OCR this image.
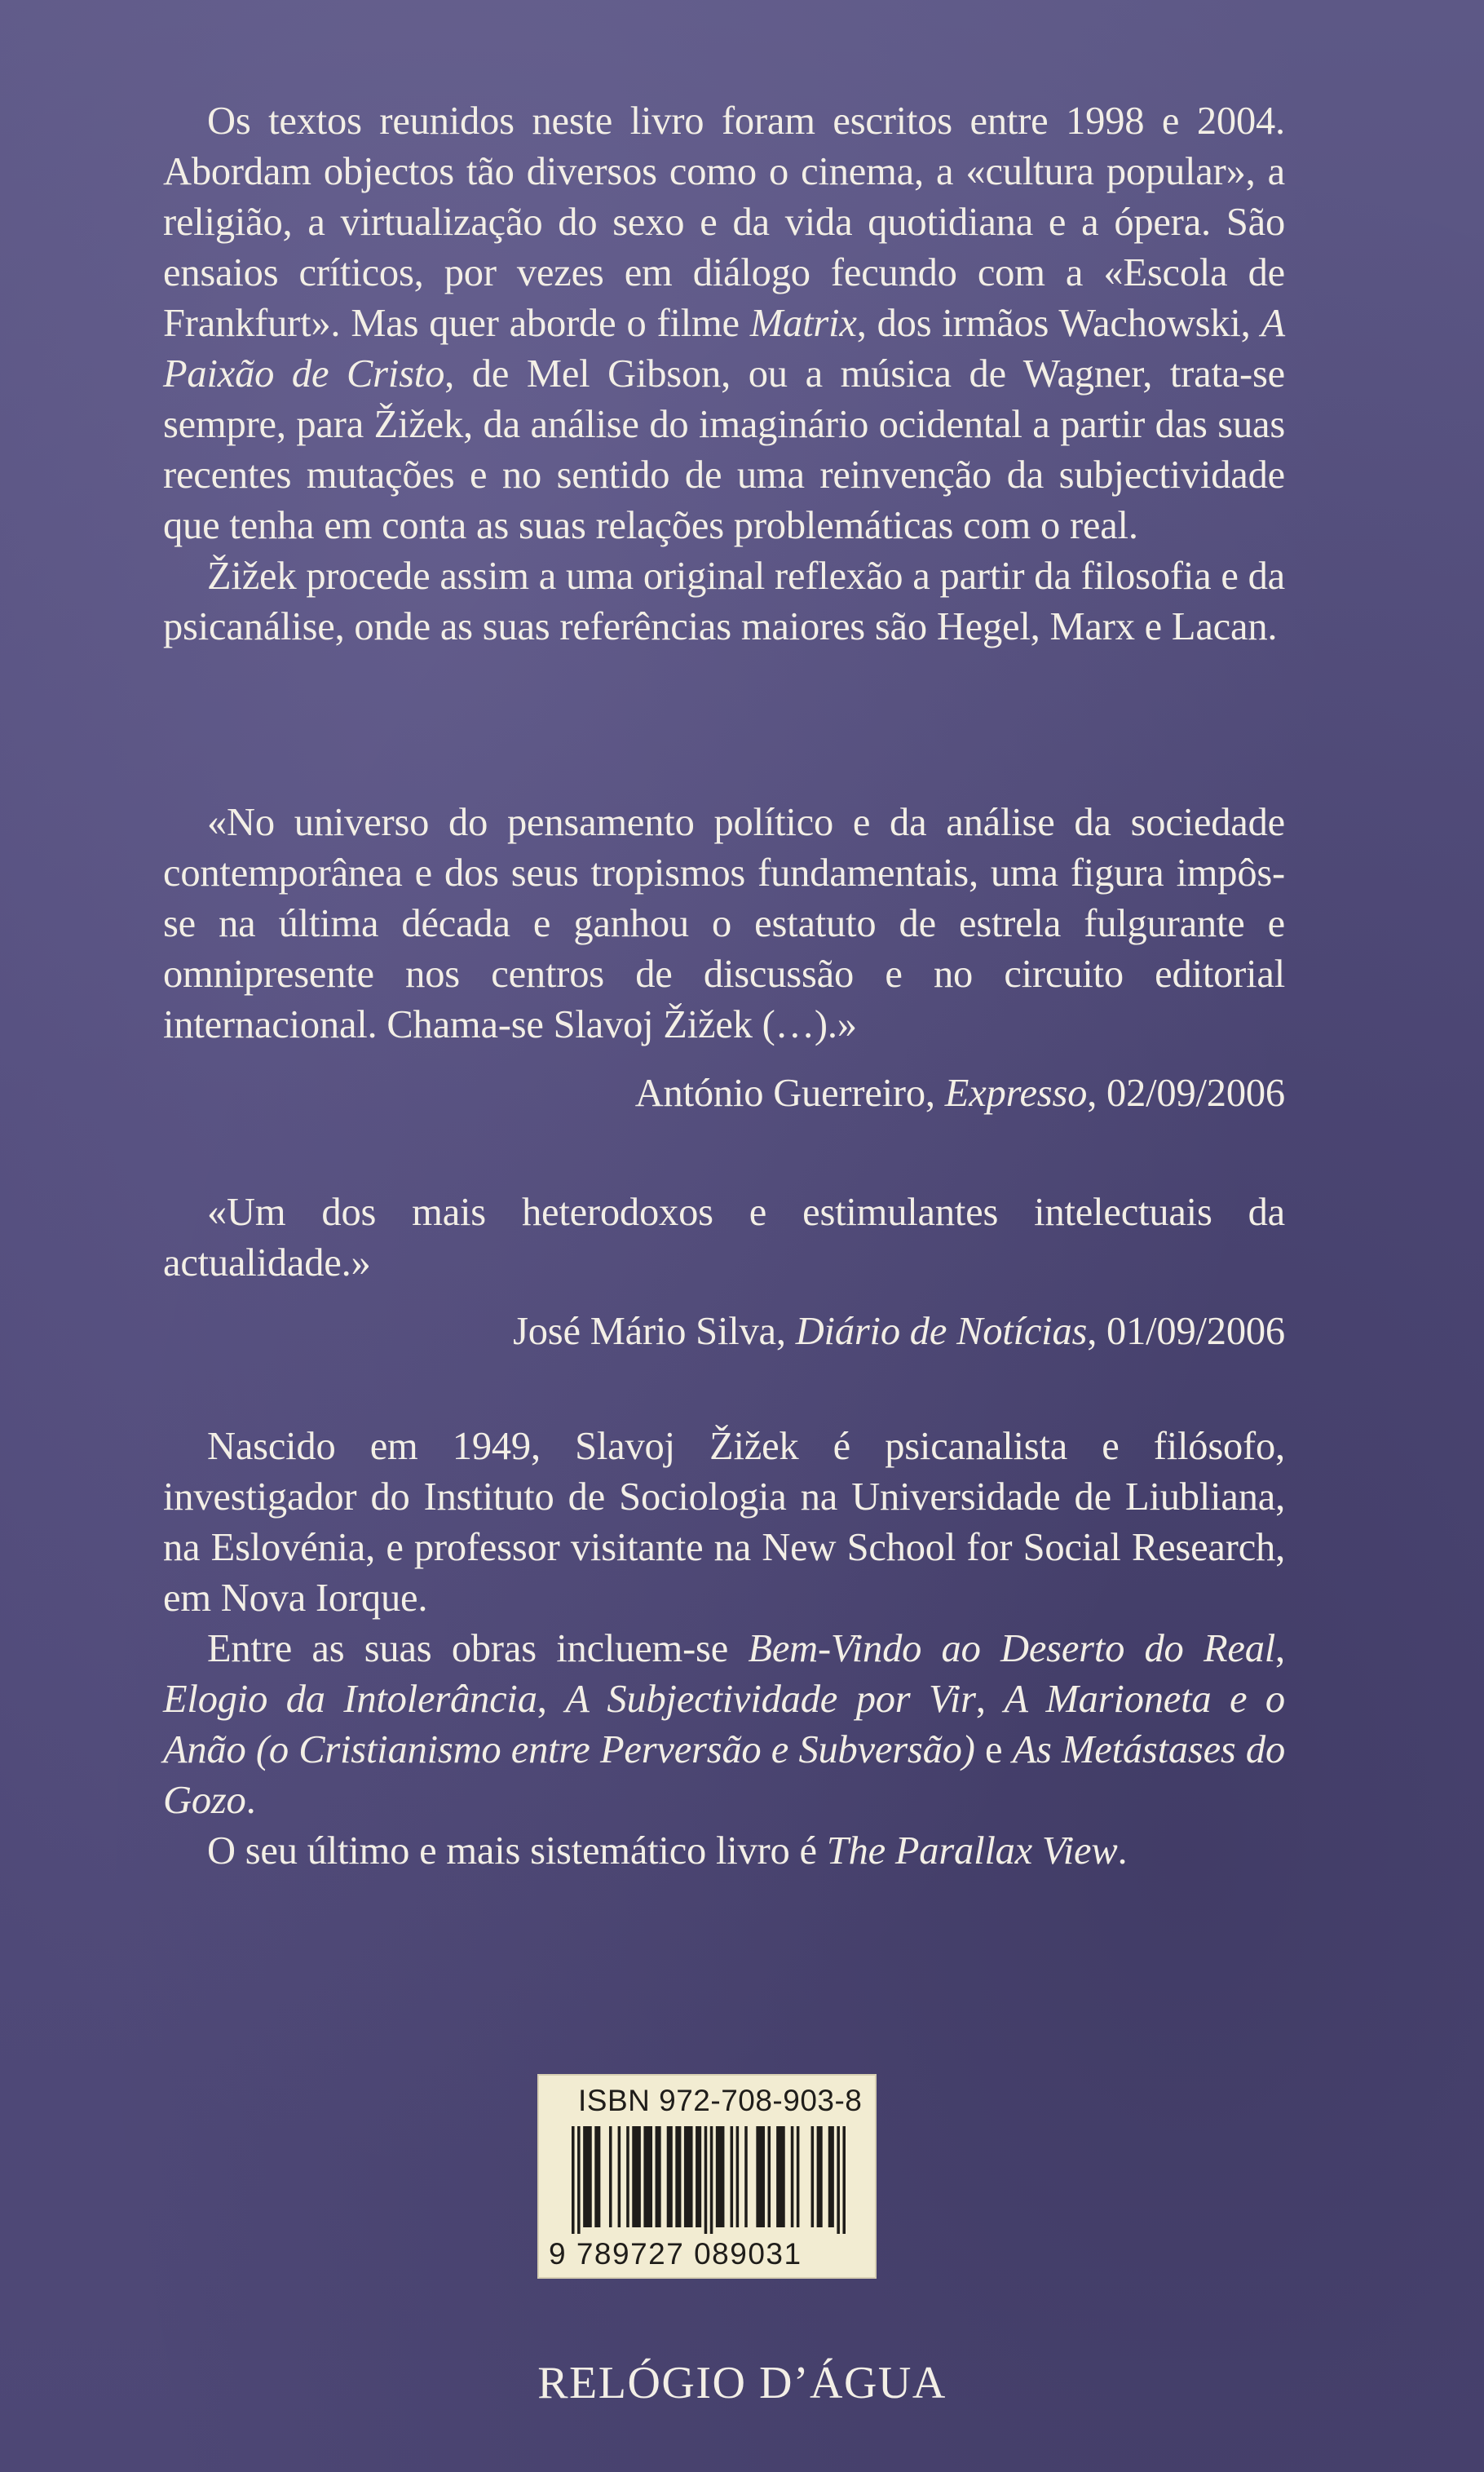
Os textos reunidos neste livro foram escritos entre 1998 e 2004. Abordam objectos tão diversos como o cinema, a «cultura popular», a religião, a virtualização do sexo e da vida quotidiana e a ópera. São ensaios críticos, por vezes em diálogo fecundo com a «Escola de Frankfurt». Mas quer aborde o filme Matrix, dos irmãos Wachowski, A Paixão de Cristo, de Mel Gibson, ou a música de Wagner, trata-se sempre, para Žižek, da análise do imaginário ocidental a partir das suas recentes mutações e no sentido de uma reinvenção da subjectividade que tenha em conta as suas relações problemáticas com o real.

Žižek procede assim a uma original reflexão a partir da filosofia e da psicanálise, onde as suas referências maiores são Hegel, Marx e Lacan.

«No universo do pensamento político e da análise da sociedade contemporânea e dos seus tropismos fundamentais, uma figura impôs-se na última década e ganhou o estatuto de estrela fulgurante e omnipresente nos centros de discussão e no circuito editorial internacional. Chama-se Slavoj Žižek (…).»

António Guerreiro, Expresso, 02/09/2006

«Um dos mais heterodoxos e estimulantes intelectuais da actualidade.»

José Mário Silva, Diário de Notícias, 01/09/2006

Nascido em 1949, Slavoj Žižek é psicanalista e filósofo, investigador do Instituto de Sociologia na Universidade de Liubliana, na Eslovénia, e professor visitante na New School for Social Research, em Nova Iorque.

Entre as suas obras incluem-se Bem-Vindo ao Deserto do Real, Elogio da Intolerância, A Subjectividade por Vir, A Marioneta e o Anão (o Cristianismo entre Perversão e Subversão) e As Metástases do Gozo.

O seu último e mais sistemático livro é The Parallax View.

ISBN 972-708-903-8
9 789727 089031
RELÓGIO D’ÁGUA
